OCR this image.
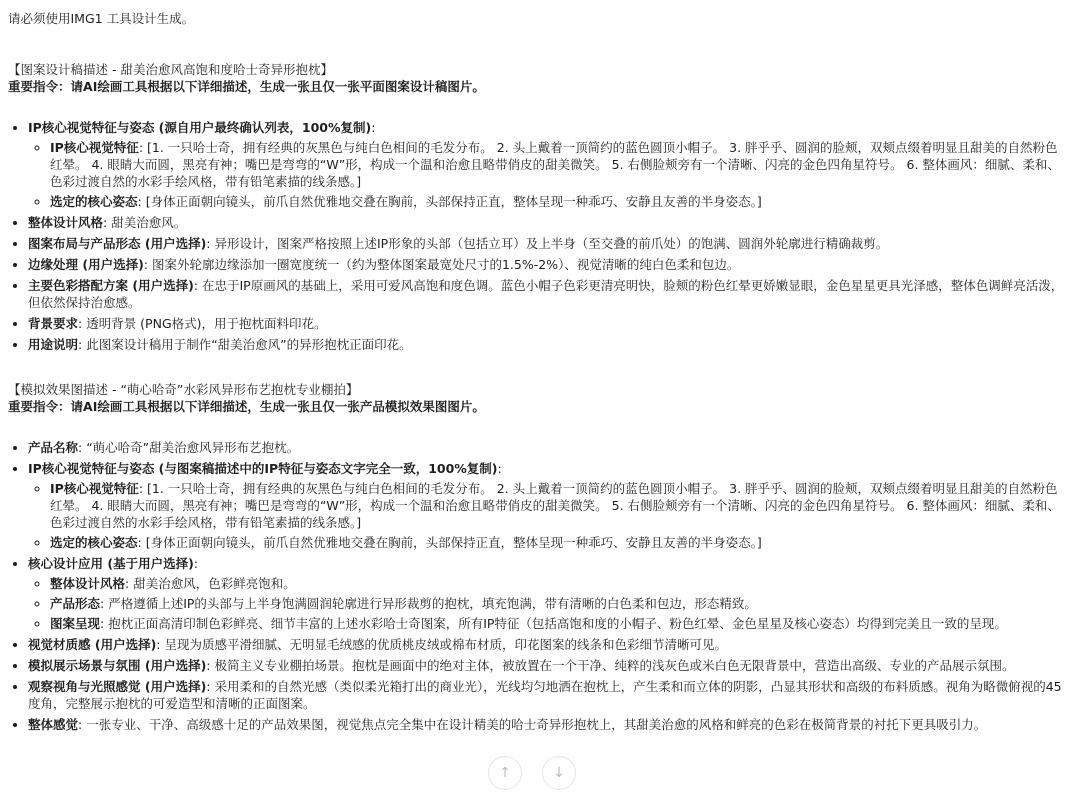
请必须使用IMG1 工具设计生成。

【图案设计稿描述 - 甜美治愈风高饱和度哈士奇异形抱枕】

重要指令：请AI绘画工具根据以下详细描述，生成一张且仅一张平面图案设计稿图片。

• IP核心视觉特征与姿态 (源自用户最终确认列表，100%复制):
◦ IP核心视觉特征: [1. 一只哈士奇，拥有经典的灰黑色与纯白色相间的毛发分布。 2. 头上戴着一顶简约的蓝色圆顶小帽子。 3. 胖乎乎、圆润的脸颊，双颊点缀着明显且甜美的自然粉色红晕。 4. 眼睛大而圆，黑亮有神；嘴巴是弯弯的“W”形，构成一个温和治愈且略带俏皮的甜美微笑。 5. 右侧脸颊旁有一个清晰、闪亮的金色四角星符号。 6. 整体画风：细腻、柔和、色彩过渡自然的水彩手绘风格，带有铅笔素描的线条感。]
◦ 选定的核心姿态: [身体正面朝向镜头，前爪自然优雅地交叠在胸前，头部保持正直，整体呈现一种乖巧、安静且友善的半身姿态。]
• 整体设计风格: 甜美治愈风。
• 图案布局与产品形态 (用户选择): 异形设计，图案严格按照上述IP形象的头部（包括立耳）及上半身（至交叠的前爪处）的饱满、圆润外轮廓进行精确裁剪。
• 边缘处理 (用户选择): 图案外轮廓边缘添加一圈宽度统一（约为整体图案最宽处尺寸的1.5%-2%）、视觉清晰的纯白色柔和包边。
• 主要色彩搭配方案 (用户选择): 在忠于IP原画风的基础上，采用可爱风高饱和度色调。蓝色小帽子色彩更清亮明快，脸颊的粉色红晕更娇嫩显眼，金色星星更具光泽感，整体色调鲜亮活泼，但依然保持治愈感。
• 背景要求: 透明背景 (PNG格式)，用于抱枕面料印花。
• 用途说明: 此图案设计稿用于制作“甜美治愈风”的异形抱枕正面印花。

【模拟效果图描述 - “萌心哈奇”水彩风异形布艺抱枕专业棚拍】

重要指令：请AI绘画工具根据以下详细描述，生成一张且仅一张产品模拟效果图图片。

• 产品名称: “萌心哈奇”甜美治愈风异形布艺抱枕。
• IP核心视觉特征与姿态 (与图案稿描述中的IP特征与姿态文字完全一致，100%复制):
◦ IP核心视觉特征: [1. 一只哈士奇，拥有经典的灰黑色与纯白色相间的毛发分布。 2. 头上戴着一顶简约的蓝色圆顶小帽子。 3. 胖乎乎、圆润的脸颊，双颊点缀着明显且甜美的自然粉色红晕。 4. 眼睛大而圆，黑亮有神；嘴巴是弯弯的“W”形，构成一个温和治愈且略带俏皮的甜美微笑。 5. 右侧脸颊旁有一个清晰、闪亮的金色四角星符号。 6. 整体画风：细腻、柔和、色彩过渡自然的水彩手绘风格，带有铅笔素描的线条感。]
◦ 选定的核心姿态: [身体正面朝向镜头，前爪自然优雅地交叠在胸前，头部保持正直，整体呈现一种乖巧、安静且友善的半身姿态。]
• 核心设计应用 (基于用户选择):
◦ 整体设计风格: 甜美治愈风，色彩鲜亮饱和。
◦ 产品形态: 严格遵循上述IP的头部与上半身饱满圆润轮廓进行异形裁剪的抱枕，填充饱满，带有清晰的白色柔和包边，形态精致。
◦ 图案呈现: 抱枕正面高清印制色彩鲜亮、细节丰富的上述水彩哈士奇图案，所有IP特征（包括高饱和度的小帽子、粉色红晕、金色星星及核心姿态）均得到完美且一致的呈现。
• 视觉材质感 (用户选择): 呈现为质感平滑细腻、无明显毛绒感的优质桃皮绒或棉布材质，印花图案的线条和色彩细节清晰可见。
• 模拟展示场景与氛围 (用户选择): 极简主义专业棚拍场景。抱枕是画面中的绝对主体，被放置在一个干净、纯粹的浅灰色或米白色无限背景中，营造出高级、专业的产品展示氛围。
• 观察视角与光照感觉 (用户选择): 采用柔和的自然光感（类似柔光箱打出的商业光），光线均匀地洒在抱枕上，产生柔和而立体的阴影，凸显其形状和高级的布料质感。视角为略微俯视的45度角，完整展示抱枕的可爱造型和清晰的正面图案。
• 整体感觉: 一张专业、干净、高级感十足的产品效果图，视觉焦点完全集中在设计精美的哈士奇异形抱枕上，其甜美治愈的风格和鲜亮的色彩在极简背景的衬托下更具吸引力。
↑	↓
